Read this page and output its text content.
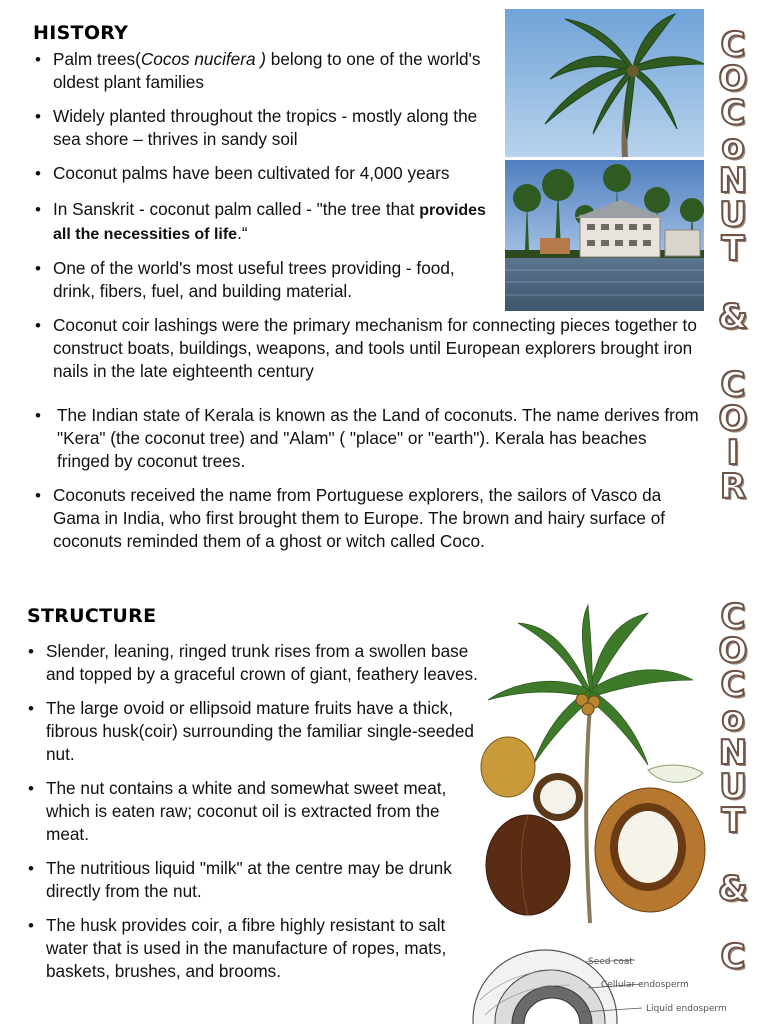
HISTORY
• Palm trees(Cocos nucifera ) belong to one of the world's oldest plant families
• Widely planted throughout the tropics - mostly along the sea shore – thrives in sandy soil
• Coconut palms have been cultivated for 4,000 years
• In Sanskrit - coconut palm called - "the tree that provides all the necessities of life.“
• One of the world's most useful trees providing - food, drink, fibers, fuel, and building material.
• Coconut coir lashings were the primary mechanism for connecting pieces together to construct boats, buildings, weapons, and tools until European explorers brought iron nails in the late eighteenth century
• The Indian state of Kerala is known as the Land of coconuts. The name derives from "Kera" (the coconut tree) and "Alam" ( "place" or "earth"). Kerala has beaches fringed by coconut trees.
• Coconuts received the name from Portuguese explorers, the sailors of Vasco da Gama in India, who first brought them to Europe. The brown and hairy surface of coconuts reminded them of a ghost or witch called Coco.
STRUCTURE
• Slender, leaning, ringed trunk rises from a swollen base and topped by a graceful crown of giant, feathery leaves.
• The large ovoid or ellipsoid mature fruits have a thick, fibrous husk(coir) surrounding the familiar single-seeded nut.
• The nut contains a white and somewhat sweet meat, which is eaten raw; coconut oil is extracted from the meat.
• The nutritious liquid "milk" at the centre may be drunk directly from the nut.
• The husk provides coir, a fibre highly resistant to salt water that is used in the manufacture of ropes, mats, baskets, brushes, and brooms.	Seed coat
Cellular endosperm
Liquid endosperm
C
O
C
o
N
U
T
&
C
O
I
R
C
O
C
o
N
U
T
&
C
